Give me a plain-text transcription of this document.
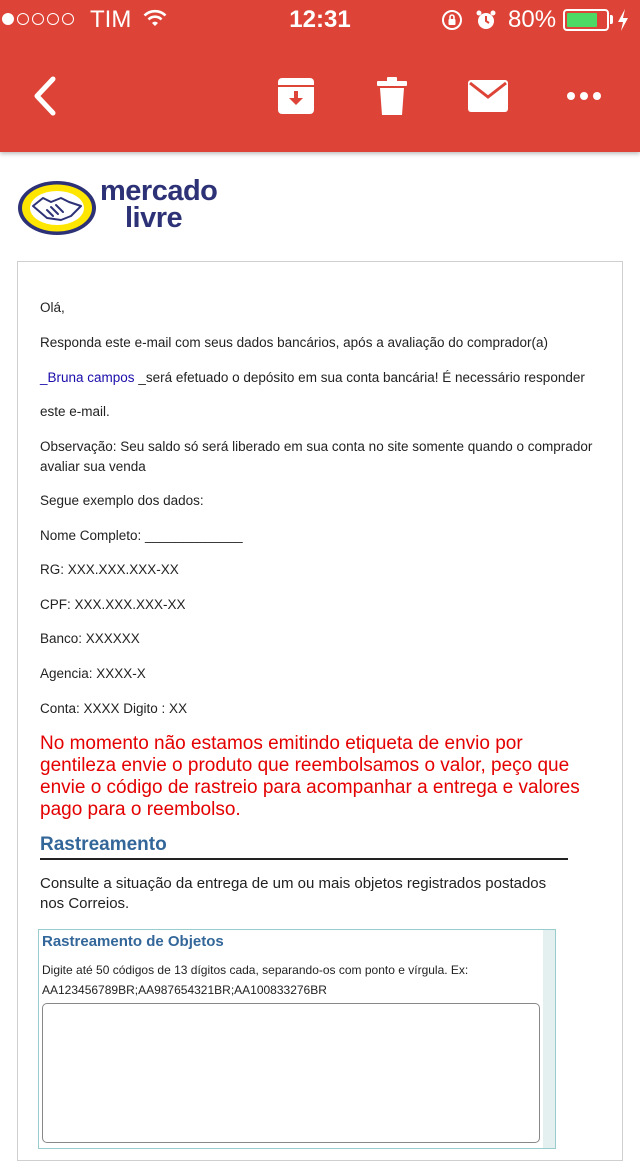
TIM	12:31	80%
mercado
livre
Olá,
Responda este e-mail com seus dados bancários, após a avaliação do comprador(a)
_Bruna campos _será efetuado o depósito em sua conta bancária! É necessário responder
este e-mail.
Observação: Seu saldo só será liberado em sua conta no site somente quando o comprador avaliar sua venda
Segue exemplo dos dados:
Nome Completo: _____________
RG: XXX.XXX.XXX-XX
CPF: XXX.XXX.XXX-XX
Banco: XXXXXX
Agencia: XXXX-X
Conta: XXXX Digito : XX
No momento não estamos emitindo etiqueta de envio por gentileza envie o produto que reembolsamos o valor, peço que envie o código de rastreio para acompanhar a entrega e valores pago para o reembolso.
Rastreamento
Consulte a situação da entrega de um ou mais objetos registrados postados nos Correios.
Rastreamento de Objetos
Digite até 50 códigos de 13 dígitos cada, separando-os com ponto e vírgula. Ex: AA123456789BR;AA987654321BR;AA100833276BR
